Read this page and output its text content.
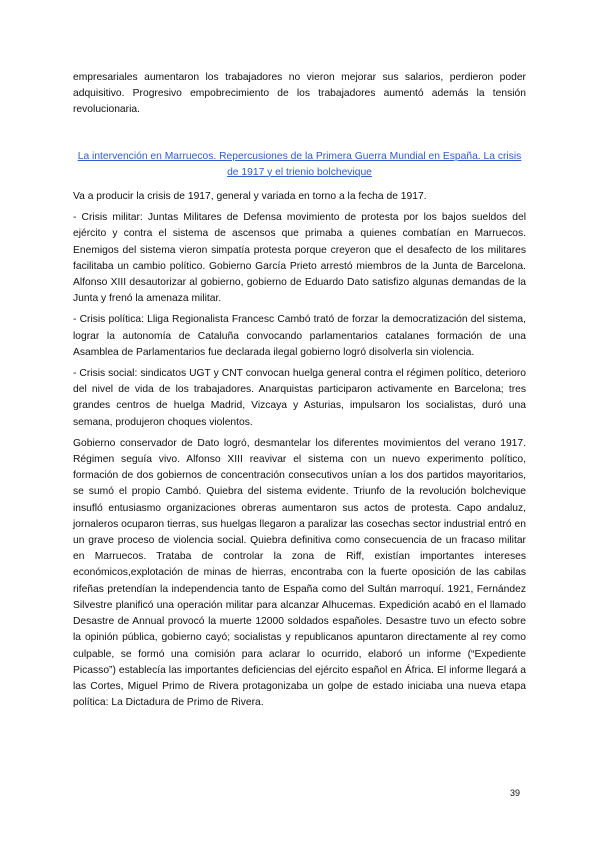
empresariales aumentaron los trabajadores no vieron mejorar sus salarios, perdieron poder adquisitivo. Progresivo empobrecimiento de los trabajadores aumentó además la tensión revolucionaria.

La intervención en Marruecos. Repercusiones de la Primera Guerra Mundial en España. La crisis de 1917 y el trienio bolchevique

Va a producir la crisis de 1917, general y variada en torno a la fecha de 1917.

- Crisis militar: Juntas Militares de Defensa movimiento de protesta por los bajos sueldos del ejército y contra el sistema de ascensos que primaba a quienes combatían en Marruecos. Enemigos del sistema vieron simpatía protesta porque creyeron que el desafecto de los militares facilitaba un cambio político. Gobierno García Prieto arrestó miembros de la Junta de Barcelona. Alfonso XIII desautorizar al gobierno, gobierno de Eduardo Dato satisfizo algunas demandas de la Junta y frenó la amenaza militar.

- Crisis política: Lliga Regionalista Francesc Cambó trató de forzar la democratización del sistema, lograr la autonomía de Cataluña convocando parlamentarios catalanes formación de una Asamblea de Parlamentarios fue declarada ilegal gobierno logró disolverla sin violencia.

- Crisis social: sindicatos UGT y CNT convocan huelga general contra el régimen político, deterioro del nivel de vida de los trabajadores. Anarquistas participaron activamente en Barcelona; tres grandes centros de huelga Madrid, Vizcaya y Asturias, impulsaron los socialistas, duró una semana, produjeron choques violentos.

Gobierno conservador de Dato logró, desmantelar los diferentes movimientos del verano 1917. Régimen seguía vivo. Alfonso XIII reavivar el sistema con un nuevo experimento político, formación de dos gobiernos de concentración consecutivos unían a los dos partidos mayoritarios, se sumó el propio Cambó. Quiebra del sistema evidente. Triunfo de la revolución bolchevique insufló entusiasmo organizaciones obreras aumentaron sus actos de protesta. Capo andaluz, jornaleros ocuparon tierras, sus huelgas llegaron a paralizar las cosechas sector industrial entró en un grave proceso de violencia social. Quiebra definitiva como consecuencia de un fracaso militar en Marruecos. Trataba de controlar la zona de Riff, existían importantes intereses económicos,explotación de minas de hierras, encontraba con la fuerte oposición de las cabilas rifeñas pretendían la independencia tanto de España como del Sultán marroquí. 1921, Fernández Silvestre planificó una operación militar para alcanzar Alhucemas. Expedición acabó en el llamado Desastre de Annual provocó la muerte 12000 soldados españoles. Desastre tuvo un efecto sobre la opinión pública, gobierno cayó; socialistas y republicanos apuntaron directamente al rey como culpable, se formó una comisión para aclarar lo ocurrido, elaboró un informe (“Expediente Picasso”) establecía las importantes deficiencias del ejército español en África. El informe llegará a las Cortes, Miguel Primo de Rivera protagonizaba un golpe de estado iniciaba una nueva etapa política: La Dictadura de Primo de Rivera.

39
